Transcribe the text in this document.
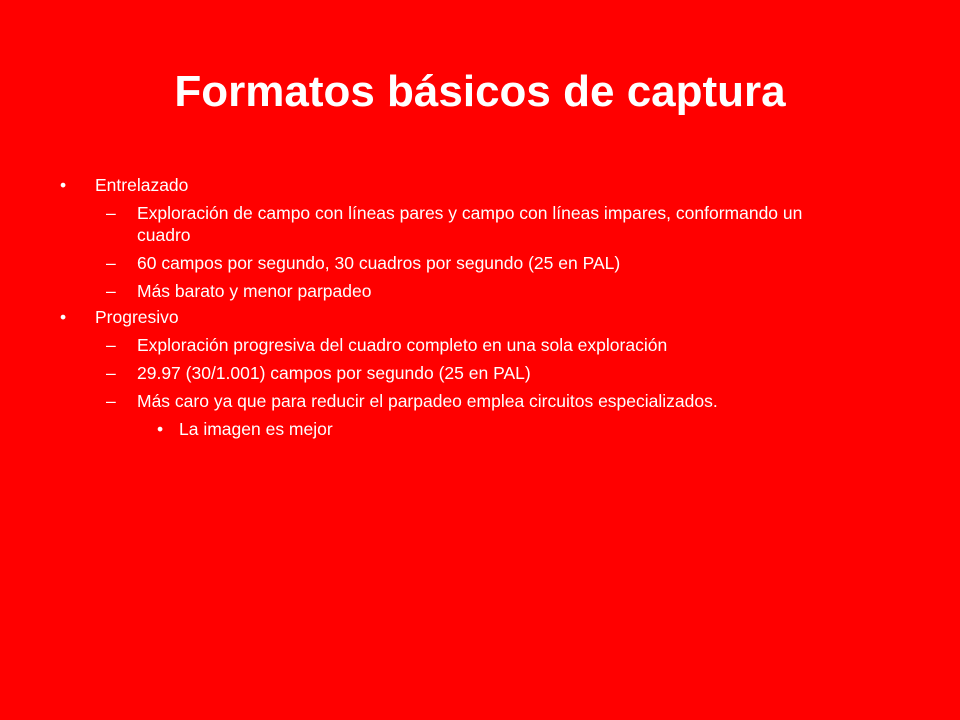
Formatos básicos de captura
• Entrelazado
– Exploración de campo con líneas pares y campo con líneas impares, conformando un cuadro
– 60 campos por segundo, 30 cuadros por segundo (25 en PAL)
– Más barato y menor parpadeo
• Progresivo
– Exploración progresiva del cuadro completo en una sola exploración
– 29.97 (30/1.001) campos por segundo (25 en PAL)
– Más caro ya que para reducir el parpadeo emplea circuitos especializados.
• La imagen es mejor
